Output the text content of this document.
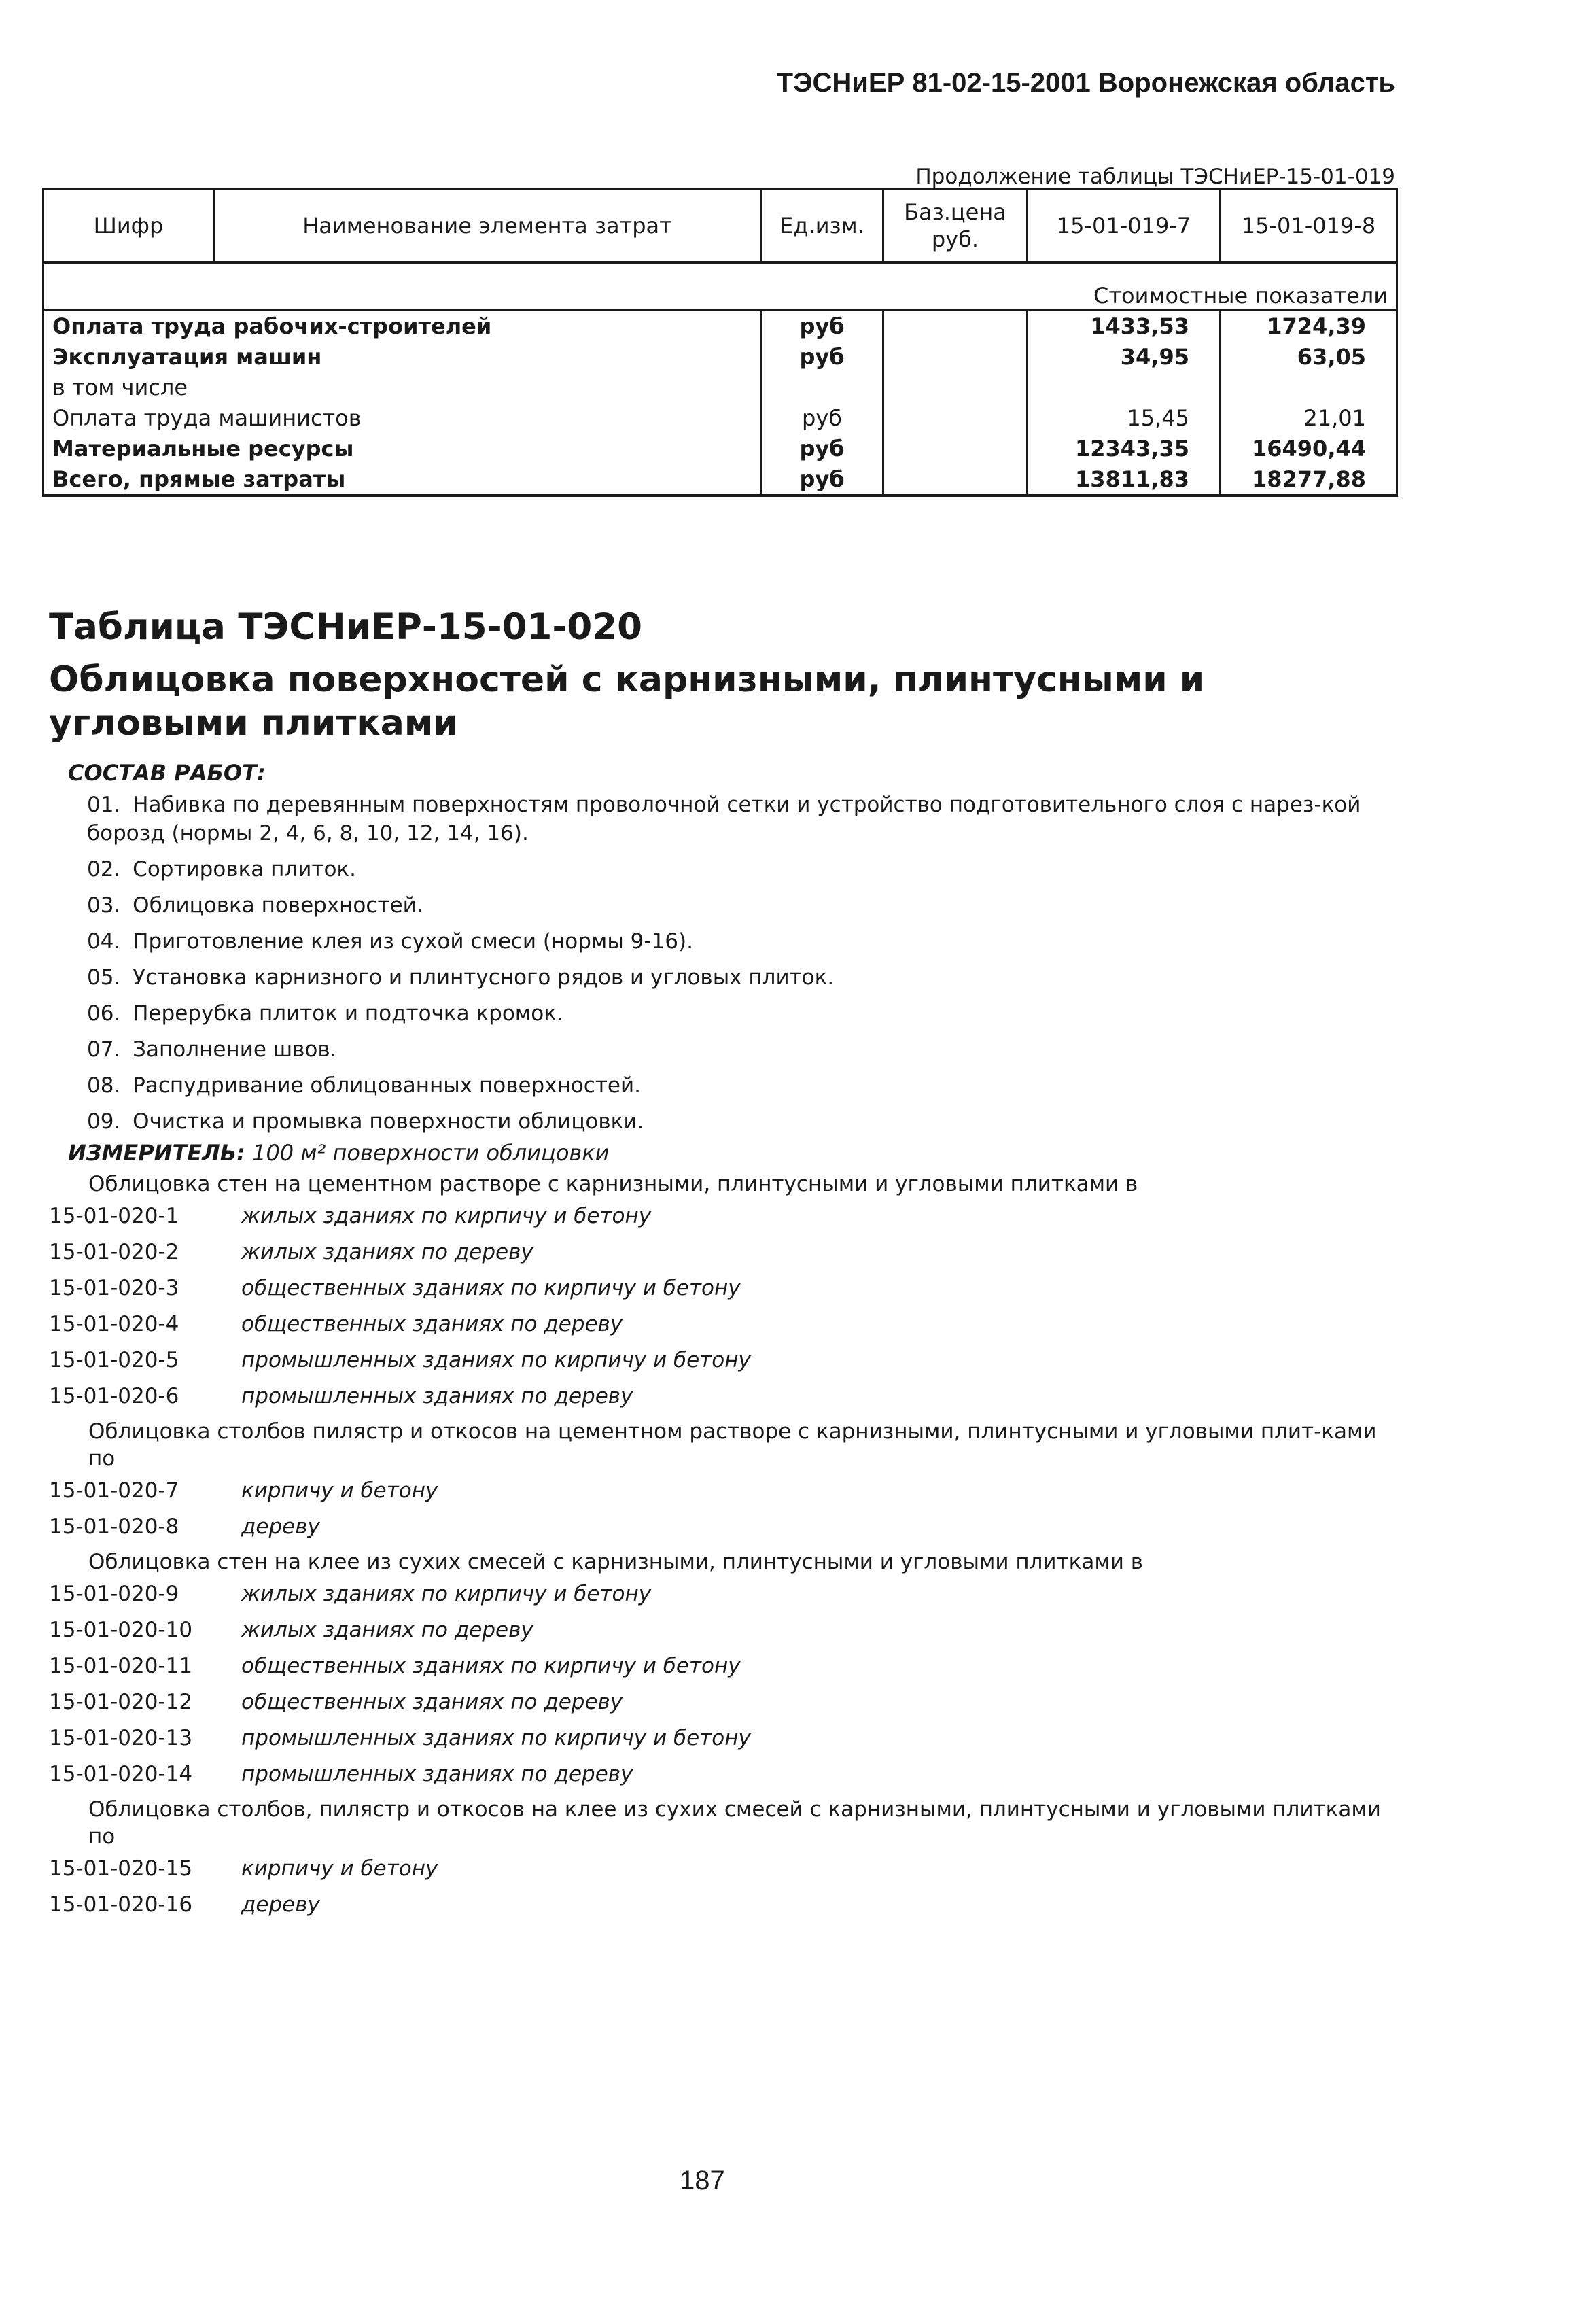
ТЭСНиЕР 81-02-15-2001 Воронежская область
Продолжение таблицы ТЭСНиЕР-15-01-019
Шифр	Наименование элемента затрат	Ед.изм.	Баз.цена руб.	15-01-019-7	15-01-019-8
				Стоимостные показатели	
Оплата труда рабочих-строителей		руб		1433,53	1724,39
Эксплуатация машин		руб		34,95	63,05
в том числе					
Оплата труда машинистов		руб		15,45	21,01
Материальные ресурсы		руб		12343,35	16490,44
Всего, прямые затраты		руб		13811,83	18277,88
Таблица ТЭСНиЕР-15-01-020
Облицовка поверхностей с карнизными, плинтусными и угловыми плитками
СОСТАВ РАБОТ:
01. Набивка по деревянным поверхностям проволочной сетки и устройство подготовительного слоя с нарез-кой борозд (нормы 2, 4, 6, 8, 10, 12, 14, 16).
02. Сортировка плиток.
03. Облицовка поверхностей.
04. Приготовление клея из сухой смеси (нормы 9-16).
05. Установка карнизного и плинтусного рядов и угловых плиток.
06. Перерубка плиток и подточка кромок.
07. Заполнение швов.
08. Распудривание облицованных поверхностей.
09. Очистка и промывка поверхности облицовки.
ИЗМЕРИТЕЛЬ: 100 м² поверхности облицовки
Облицовка стен на цементном растворе с карнизными, плинтусными и угловыми плитками в
15-01-020-1	жилых зданиях по кирпичу и бетону
15-01-020-2	жилых зданиях по дереву
15-01-020-3	общественных зданиях по кирпичу и бетону
15-01-020-4	общественных зданиях по дереву
15-01-020-5	промышленных зданиях по кирпичу и бетону
15-01-020-6	промышленных зданиях по дереву
Облицовка столбов пилястр и откосов на цементном растворе с карнизными, плинтусными и угловыми плит-ками по
15-01-020-7	кирпичу и бетону
15-01-020-8	дереву
Облицовка стен на клее из сухих смесей с карнизными, плинтусными и угловыми плитками в
15-01-020-9	жилых зданиях по кирпичу и бетону
15-01-020-10	жилых зданиях по дереву
15-01-020-11	общественных зданиях по кирпичу и бетону
15-01-020-12	общественных зданиях по дереву
15-01-020-13	промышленных зданиях по кирпичу и бетону
15-01-020-14	промышленных зданиях по дереву
Облицовка столбов, пилястр и откосов на клее из сухих смесей с карнизными, плинтусными и угловыми плитками по
15-01-020-15	кирпичу и бетону
15-01-020-16	дереву
187
